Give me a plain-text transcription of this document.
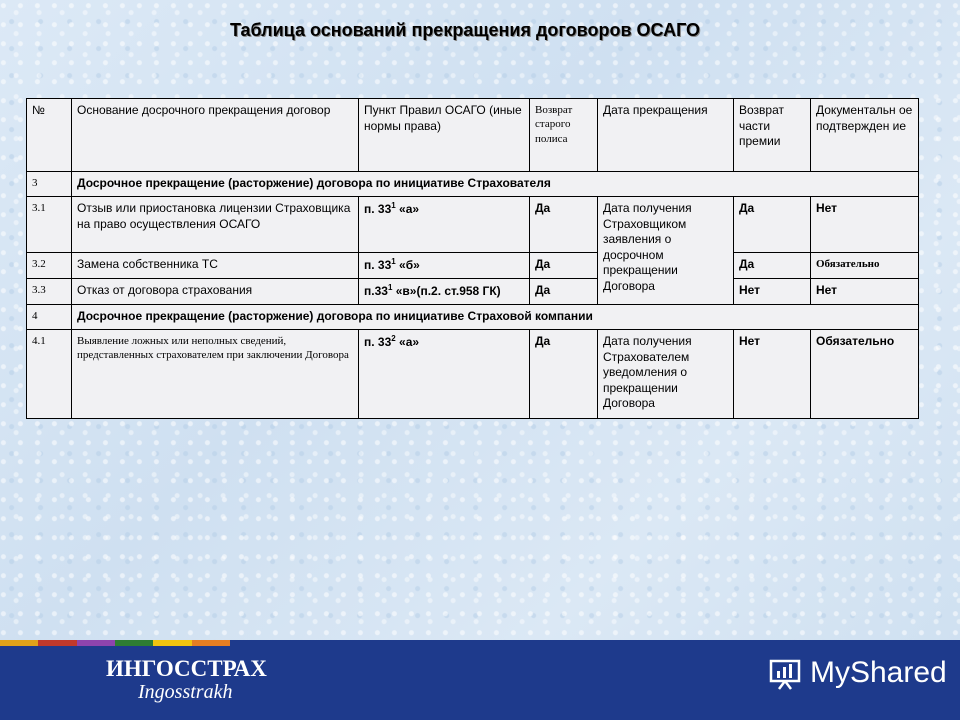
Таблица оснований прекращения договоров ОСАГО
№	Основание досрочного прекращения договор	Пункт Правил ОСАГО (иные нормы права)	Возврат старого полиса	Дата прекращения	Возврат части премии	Документальн ое подтвержден ие
3	Досрочное прекращение (расторжение) договора по инициативе Страхователя					
3.1	Отзыв или приостановка лицензии Страховщика на право осуществления ОСАГО	п. $33^1$ «а»	Да	Дата получения Страховщиком заявления о досрочном прекращении Договора	Да	Нет
3.2	Замена собственника ТС	п. $33^1$ «б»	Да		Да	Обязательно
3.3	Отказ от договора страхования	$п.33^1$ «в»(п.2. ст.958 ГК)	Да		Нет	Нет
4	Досрочное прекращение (расторжение) договора по инициативе Страховой компании					
4.1	Выявление ложных или неполных сведений, представленных страхователем при заключении Договора	п. $33^2$ «а»	Да	Дата получения Страхователем уведомления о прекращении Договора	Нет	Обязательно
ИНГОССТРАХ
Ingosstrakh
MyShared
